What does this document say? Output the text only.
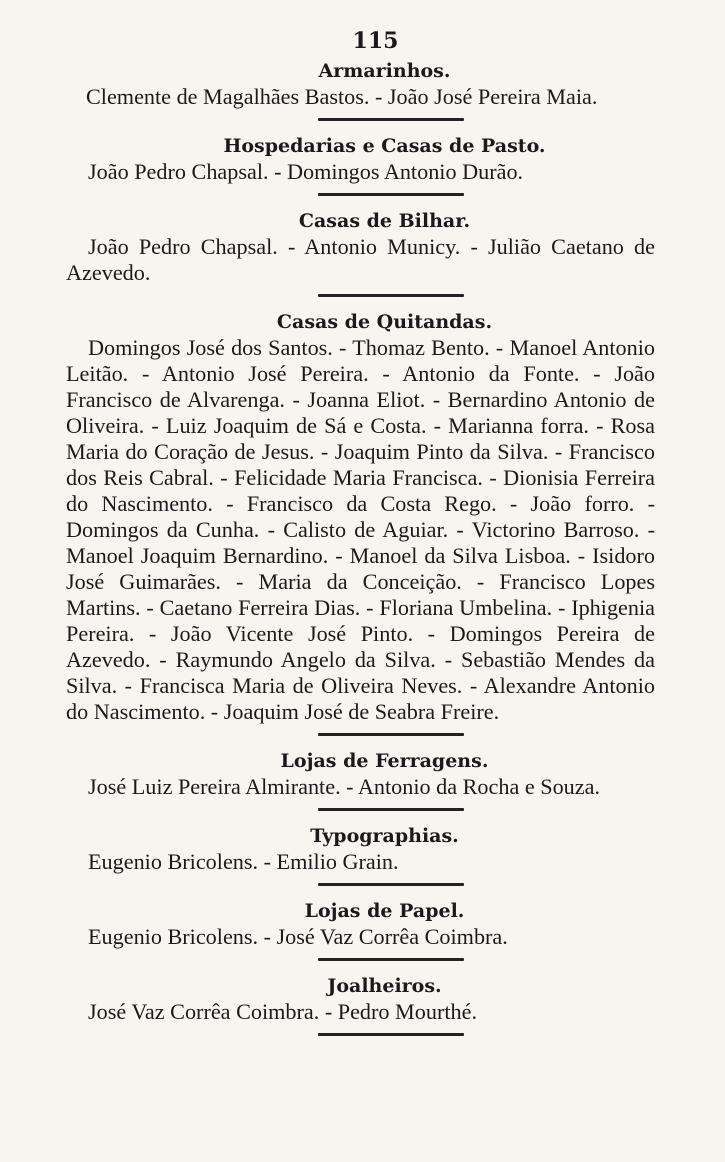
115
Armarinhos.

Clemente de Magalhães Bastos. - João José Pereira Maia.

Hospedarias e Casas de Pasto.

João Pedro Chapsal. - Domingos Antonio Durão.

Casas de Bilhar.

João Pedro Chapsal. - Antonio Municy. - Julião Caetano de Azevedo.

Casas de Quitandas.

Domingos José dos Santos. - Thomaz Bento. - Manoel Antonio Leitão. - Antonio José Pereira. - Antonio da Fonte. - João Francisco de Alvarenga. - Joanna Eliot. - Bernardino Antonio de Oliveira. - Luiz Joaquim de Sá e Costa. - Marianna forra. - Rosa Maria do Coração de Jesus. - Joaquim Pinto da Silva. - Francisco dos Reis Cabral. - Felicidade Maria Francisca. - Dionisia Ferreira do Nascimento. - Francisco da Costa Rego. - João forro. - Domingos da Cunha. - Calisto de Aguiar. - Victorino Barroso. - Manoel Joaquim Bernardino. - Manoel da Silva Lisboa. - Isidoro José Guimarães. - Maria da Conceição. - Francisco Lopes Martins. - Caetano Ferreira Dias. - Floriana Umbelina. - Iphigenia Pereira. - João Vicente José Pinto. - Domingos Pereira de Azevedo. - Raymundo Angelo da Silva. - Sebastião Mendes da Silva. - Francisca Maria de Oliveira Neves. - Alexandre Antonio do Nascimento. - Joaquim José de Seabra Freire.

Lojas de Ferragens.

José Luiz Pereira Almirante. - Antonio da Rocha e Souza.

Typographias.

Eugenio Bricolens. - Emilio Grain.

Lojas de Papel.

Eugenio Bricolens. - José Vaz Corrêa Coimbra.

Joalheiros.

José Vaz Corrêa Coimbra. - Pedro Mourthé.
